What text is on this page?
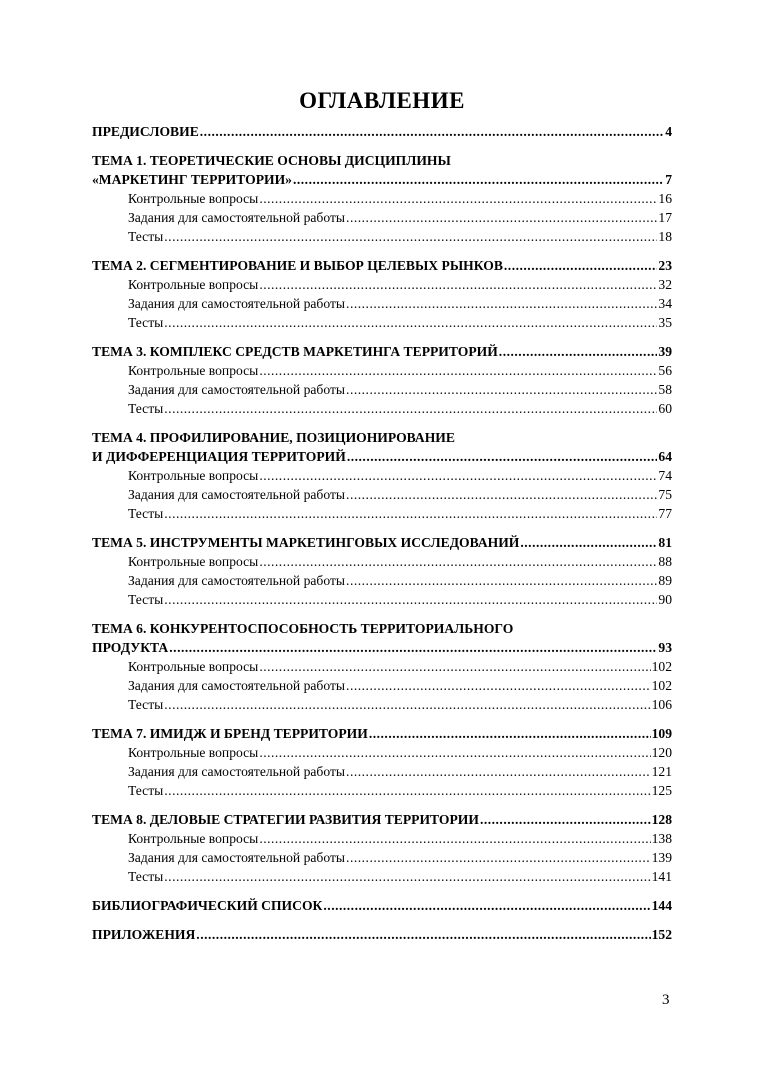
ОГЛАВЛЕНИЕ
ПРЕДИСЛОВИЕ .....	4
ТЕМА 1. ТЕОРЕТИЧЕСКИЕ ОСНОВЫ ДИСЦИПЛИНЫ
«МАРКЕТИНГ ТЕРРИТОРИИ» .....	7
Контрольные вопросы .....	16
Задания для самостоятельной работы .....	17
Тесты .....	18
ТЕМА 2. СЕГМЕНТИРОВАНИЕ И ВЫБОР ЦЕЛЕВЫХ РЫНКОВ .....	23
Контрольные вопросы .....	32
Задания для самостоятельной работы .....	34
Тесты .....	35
ТЕМА 3. КОМПЛЕКС СРЕДСТВ МАРКЕТИНГА ТЕРРИТОРИЙ .....	39
Контрольные вопросы .....	56
Задания для самостоятельной работы .....	58
Тесты .....	60
ТЕМА 4. ПРОФИЛИРОВАНИЕ, ПОЗИЦИОНИРОВАНИЕ
И ДИФФЕРЕНЦИАЦИЯ ТЕРРИТОРИЙ .....	64
Контрольные вопросы .....	74
Задания для самостоятельной работы .....	75
Тесты .....	77
ТЕМА 5. ИНСТРУМЕНТЫ МАРКЕТИНГОВЫХ ИССЛЕДОВАНИЙ .....	81
Контрольные вопросы .....	88
Задания для самостоятельной работы .....	89
Тесты .....	90
ТЕМА 6. КОНКУРЕНТОСПОСОБНОСТЬ ТЕРРИТОРИАЛЬНОГО
ПРОДУКТА .....	93
Контрольные вопросы .....	102
Задания для самостоятельной работы .....	102
Тесты .....	106
ТЕМА 7. ИМИДЖ И БРЕНД ТЕРРИТОРИИ .....	109
Контрольные вопросы .....	120
Задания для самостоятельной работы .....	121
Тесты .....	125
ТЕМА 8. ДЕЛОВЫЕ СТРАТЕГИИ РАЗВИТИЯ ТЕРРИТОРИИ .....	128
Контрольные вопросы .....	138
Задания для самостоятельной работы .....	139
Тесты .....	141
БИБЛИОГРАФИЧЕСКИЙ СПИСОК .....	144
ПРИЛОЖЕНИЯ .....	152
3
